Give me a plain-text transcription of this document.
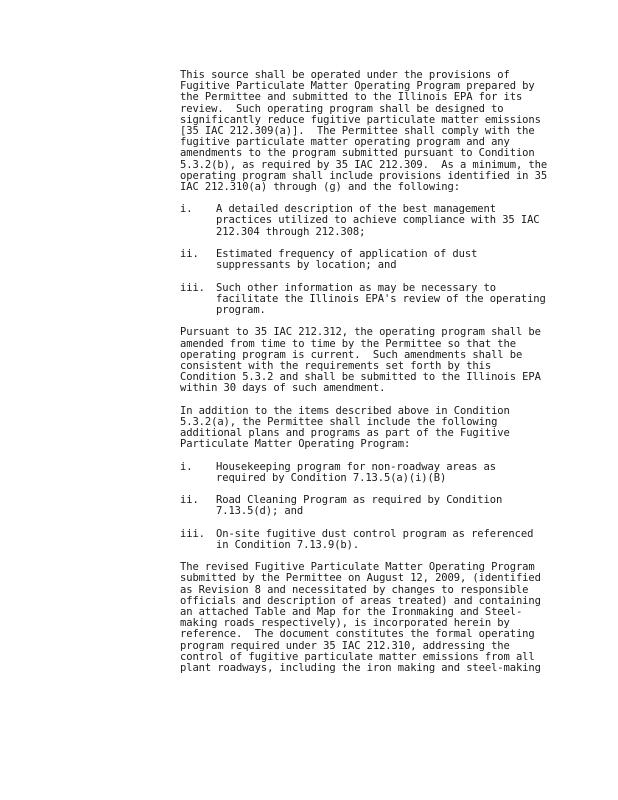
This source shall be operated under the provisions of
Fugitive Particulate Matter Operating Program prepared by
the Permittee and submitted to the Illinois EPA for its
review.  Such operating program shall be designed to
significantly reduce fugitive particulate matter emissions
[35 IAC 212.309(a)].  The Permittee shall comply with the
fugitive particulate matter operating program and any
amendments to the program submitted pursuant to Condition
5.3.2(b), as required by 35 IAC 212.309.  As a minimum, the
operating program shall include provisions identified in 35
IAC 212.310(a) through (g) and the following:
i.	A detailed description of the best management
practices utilized to achieve compliance with 35 IAC
212.304 through 212.308;
ii.	Estimated frequency of application of dust
suppressants by location; and
iii.	Such other information as may be necessary to
facilitate the Illinois EPA's review of the operating
program.
Pursuant to 35 IAC 212.312, the operating program shall be
amended from time to time by the Permittee so that the
operating program is current.  Such amendments shall be
consistent with the requirements set forth by this
Condition 5.3.2 and shall be submitted to the Illinois EPA
within 30 days of such amendment.
In addition to the items described above in Condition
5.3.2(a), the Permittee shall include the following
additional plans and programs as part of the Fugitive
Particulate Matter Operating Program:
i.	Housekeeping program for non-roadway areas as
required by Condition 7.13.5(a)(i)(B)
ii.	Road Cleaning Program as required by Condition
7.13.5(d); and
iii.	On-site fugitive dust control program as referenced
in Condition 7.13.9(b).
The revised Fugitive Particulate Matter Operating Program
submitted by the Permittee on August 12, 2009, (identified
as Revision 8 and necessitated by changes to responsible
officials and description of areas treated) and containing
an attached Table and Map for the Ironmaking and Steel-
making roads respectively), is incorporated herein by
reference.  The document constitutes the formal operating
program required under 35 IAC 212.310, addressing the
control of fugitive particulate matter emissions from all
plant roadways, including the iron making and steel-making
